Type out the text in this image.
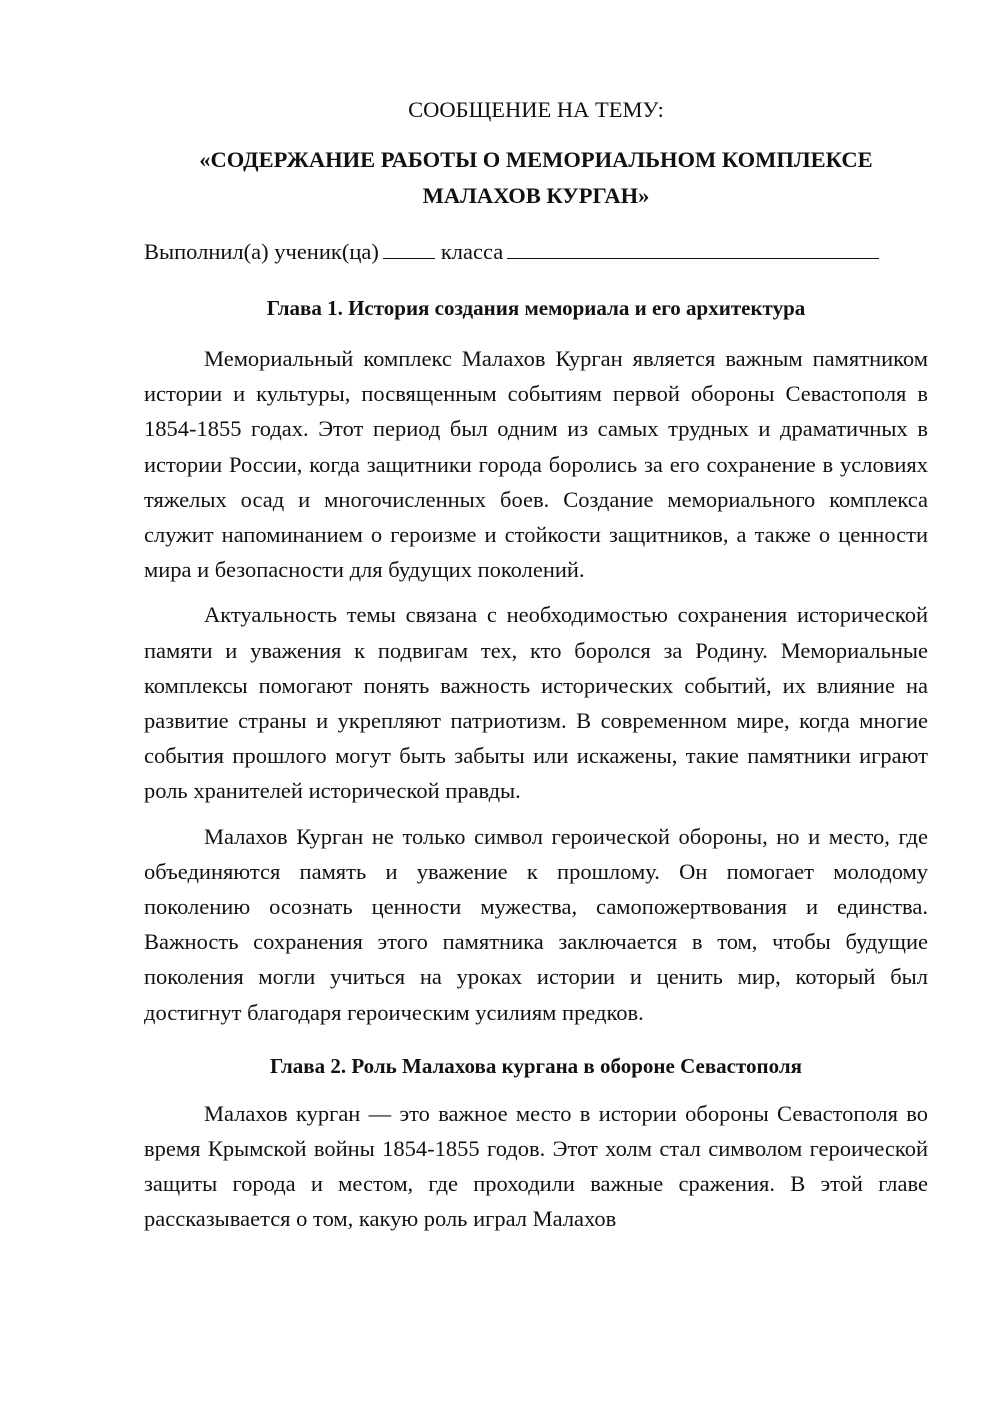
СООБЩЕНИЕ НА ТЕМУ:

«СОДЕРЖАНИЕ РАБОТЫ О МЕМОРИАЛЬНОМ КОМПЛЕКСЕ

МАЛАХОВ КУРГАН»

Выполнил(а) ученик(ца)	класса

Глава 1. История создания мемориала и его архитектура

Мемориальный комплекс Малахов Курган является важным памятником истории и культуры, посвященным событиям первой обороны Севастополя в 1854-1855 годах. Этот период был одним из самых трудных и драматичных в истории России, когда защитники города боролись за его сохранение в условиях тяжелых осад и многочисленных боев. Создание мемориального комплекса служит напоминанием о героизме и стойкости защитников, а также о ценности мира и безопасности для будущих поколений.

Актуальность темы связана с необходимостью сохранения исторической памяти и уважения к подвигам тех, кто боролся за Родину. Мемориальные комплексы помогают понять важность исторических событий, их влияние на развитие страны и укрепляют патриотизм. В современном мире, когда многие события прошлого могут быть забыты или искажены, такие памятники играют роль хранителей исторической правды.

Малахов Курган не только символ героической обороны, но и место, где объединяются память и уважение к прошлому. Он помогает молодому поколению осознать ценности мужества, самопожертвования и единства. Важность сохранения этого памятника заключается в том, чтобы будущие поколения могли учиться на уроках истории и ценить мир, который был достигнут благодаря героическим усилиям предков.

Глава 2. Роль Малахова кургана в обороне Севастополя

Малахов курган — это важное место в истории обороны Севастополя во время Крымской войны 1854-1855 годов. Этот холм стал символом героической защиты города и местом, где проходили важные сражения. В этой главе рассказывается о том, какую роль играл Малахов
